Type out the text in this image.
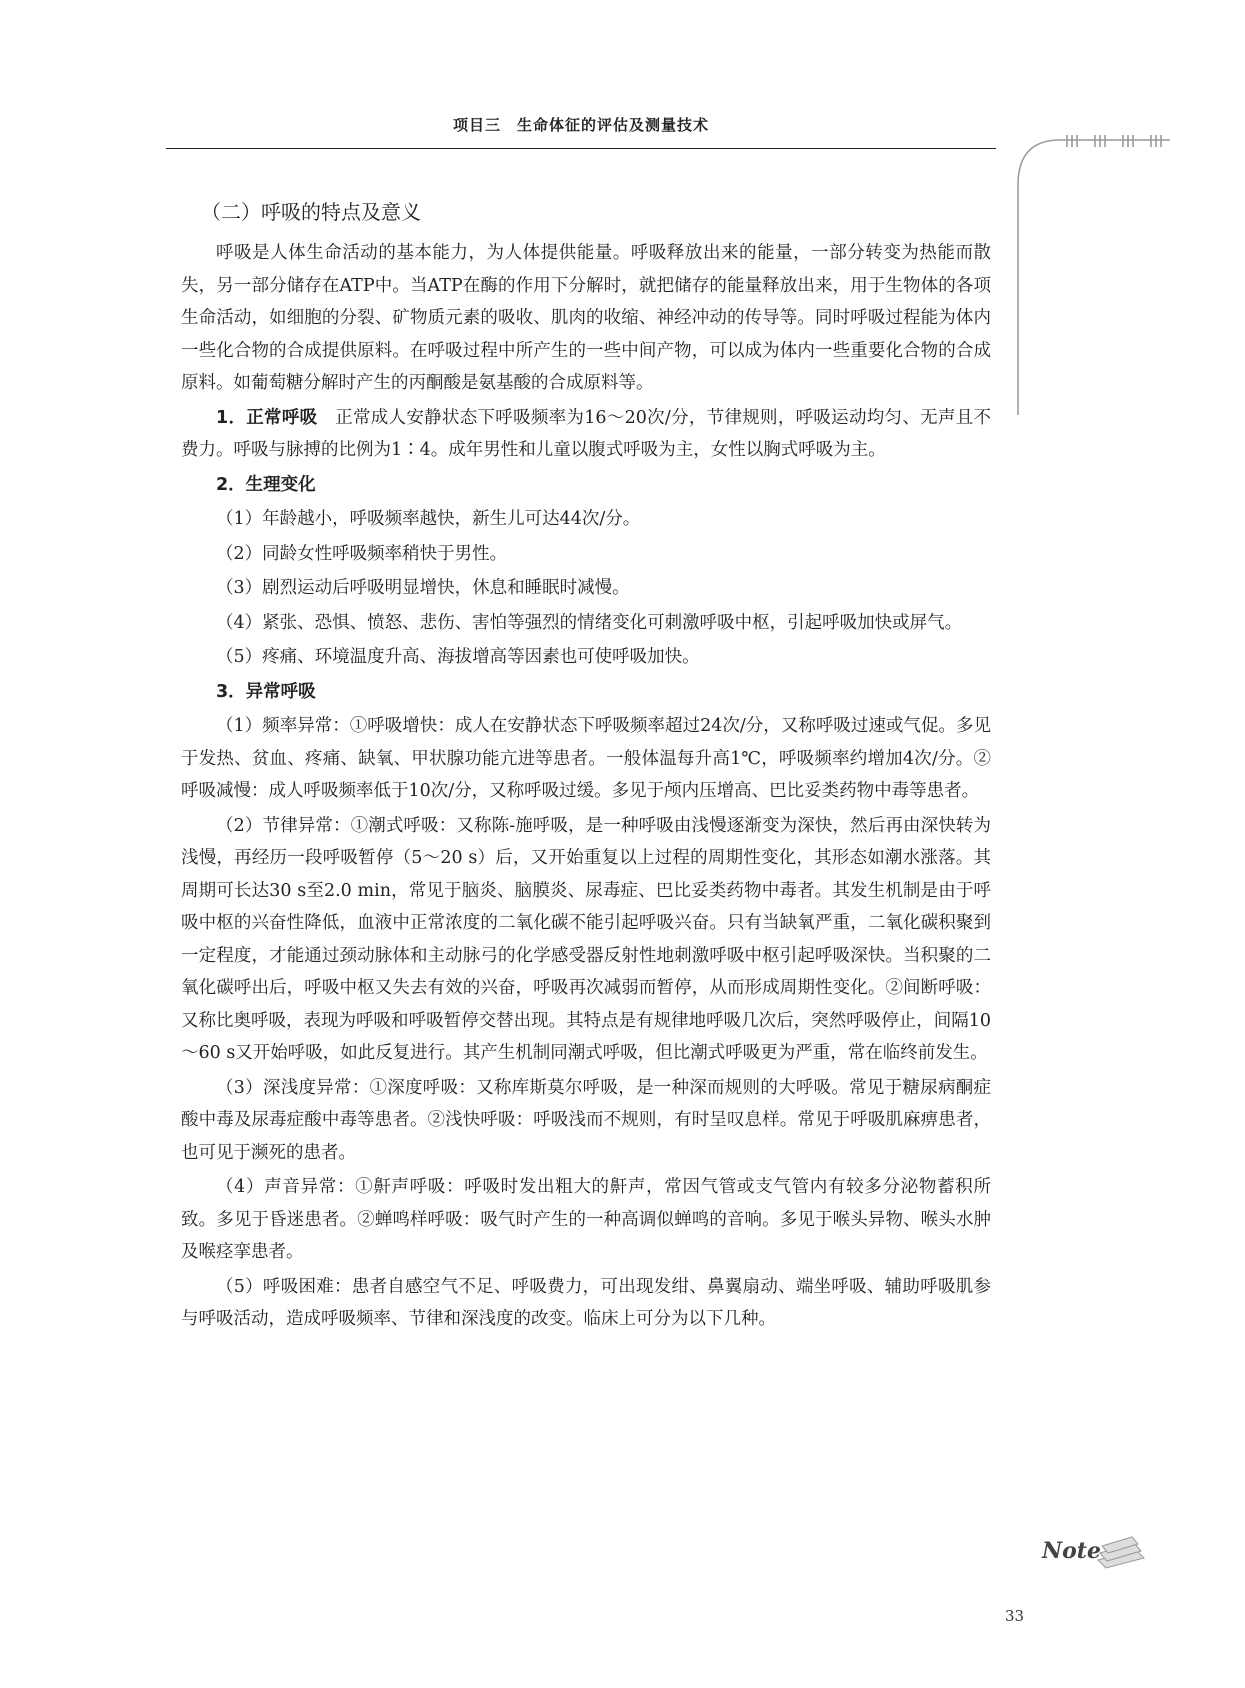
项目三　生命体征的评估及测量技术
（二）呼吸的特点及意义

呼吸是人体生命活动的基本能力，为人体提供能量。呼吸释放出来的能量，一部分转变为热能而散失，另一部分储存在ATP中。当ATP在酶的作用下分解时，就把储存的能量释放出来，用于生物体的各项生命活动，如细胞的分裂、矿物质元素的吸收、肌肉的收缩、神经冲动的传导等。同时呼吸过程能为体内一些化合物的合成提供原料。在呼吸过程中所产生的一些中间产物，可以成为体内一些重要化合物的合成原料。如葡萄糖分解时产生的丙酮酸是氨基酸的合成原料等。

1．正常呼吸　正常成人安静状态下呼吸频率为16～20次/分，节律规则，呼吸运动均匀、无声且不费力。呼吸与脉搏的比例为1∶4。成年男性和儿童以腹式呼吸为主，女性以胸式呼吸为主。

2．生理变化

（1）年龄越小，呼吸频率越快，新生儿可达44次/分。

（2）同龄女性呼吸频率稍快于男性。

（3）剧烈运动后呼吸明显增快，休息和睡眠时减慢。

（4）紧张、恐惧、愤怒、悲伤、害怕等强烈的情绪变化可刺激呼吸中枢，引起呼吸加快或屏气。

（5）疼痛、环境温度升高、海拔增高等因素也可使呼吸加快。

3．异常呼吸

（1）频率异常：①呼吸增快：成人在安静状态下呼吸频率超过24次/分，又称呼吸过速或气促。多见于发热、贫血、疼痛、缺氧、甲状腺功能亢进等患者。一般体温每升高1℃，呼吸频率约增加4次/分。②呼吸减慢：成人呼吸频率低于10次/分，又称呼吸过缓。多见于颅内压增高、巴比妥类药物中毒等患者。

（2）节律异常：①潮式呼吸：又称陈-施呼吸，是一种呼吸由浅慢逐渐变为深快，然后再由深快转为浅慢，再经历一段呼吸暂停（5～20 s）后，又开始重复以上过程的周期性变化，其形态如潮水涨落。其周期可长达30 s至2.0 min，常见于脑炎、脑膜炎、尿毒症、巴比妥类药物中毒者。其发生机制是由于呼吸中枢的兴奋性降低，血液中正常浓度的二氧化碳不能引起呼吸兴奋。只有当缺氧严重，二氧化碳积聚到一定程度，才能通过颈动脉体和主动脉弓的化学感受器反射性地刺激呼吸中枢引起呼吸深快。当积聚的二氧化碳呼出后，呼吸中枢又失去有效的兴奋，呼吸再次减弱而暂停，从而形成周期性变化。②间断呼吸：又称比奥呼吸，表现为呼吸和呼吸暂停交替出现。其特点是有规律地呼吸几次后，突然呼吸停止，间隔10～60 s又开始呼吸，如此反复进行。其产生机制同潮式呼吸，但比潮式呼吸更为严重，常在临终前发生。

（3）深浅度异常：①深度呼吸：又称库斯莫尔呼吸，是一种深而规则的大呼吸。常见于糖尿病酮症酸中毒及尿毒症酸中毒等患者。②浅快呼吸：呼吸浅而不规则，有时呈叹息样。常见于呼吸肌麻痹患者，也可见于濒死的患者。

（4）声音异常：①鼾声呼吸：呼吸时发出粗大的鼾声，常因气管或支气管内有较多分泌物蓄积所致。多见于昏迷患者。②蝉鸣样呼吸：吸气时产生的一种高调似蝉鸣的音响。多见于喉头异物、喉头水肿及喉痉挛患者。

（5）呼吸困难：患者自感空气不足、呼吸费力，可出现发绀、鼻翼扇动、端坐呼吸、辅助呼吸肌参与呼吸活动，造成呼吸频率、节律和深浅度的改变。临床上可分为以下几种。

Note
33
